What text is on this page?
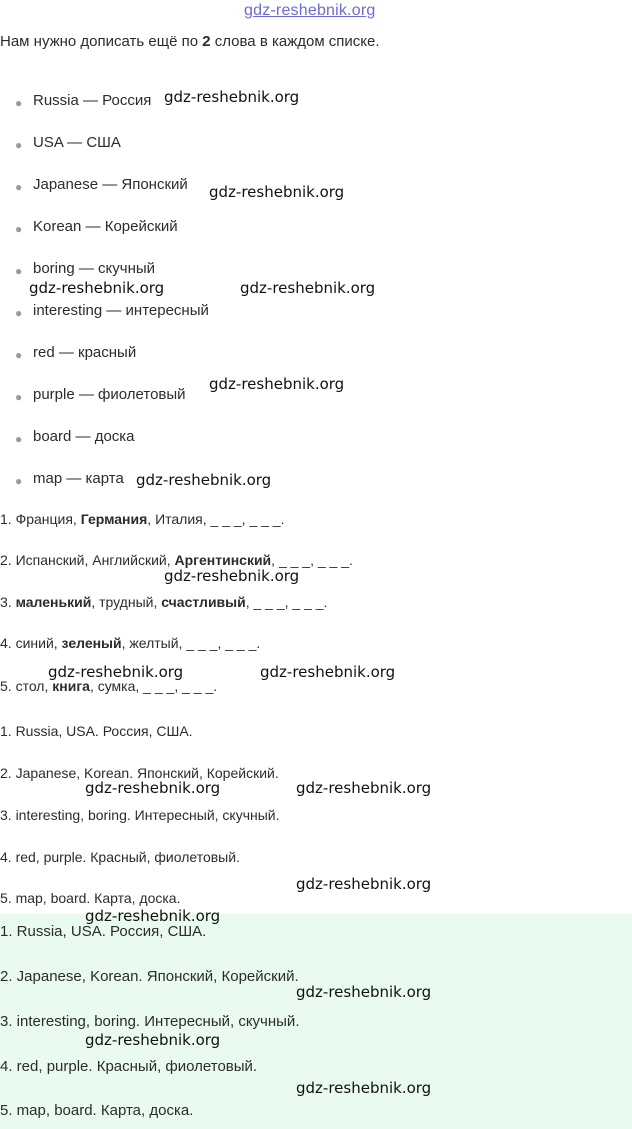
gdz-reshebnik.org
Нам нужно дописать ещё по 2 слова в каждом списке.
● Russia — Россия
● USA — США
● Japanese — Японский
● Korean — Корейский
● boring — скучный
● interesting — интересный
● red — красный
● purple — фиолетовый
● board — доска
● map — карта
1. Франция, Германия, Италия, _ _ _, _ _ _.
2. Испанский, Английский, Аргентинский, _ _ _, _ _ _.
3. маленький, трудный, счастливый, _ _ _, _ _ _.
4. синий, зеленый, желтый, _ _ _, _ _ _.
5. стол, книга, сумка, _ _ _, _ _ _.
1. Russia, USA. Россия, США.
2. Japanese, Korean. Японский, Корейский.
3. interesting, boring. Интересный, скучный.
4. red, purple. Красный, фиолетовый.
5. map, board. Карта, доска.
1. Russia, USA. Россия, США.
2. Japanese, Korean. Японский, Корейский.
3. interesting, boring. Интересный, скучный.
4. red, purple. Красный, фиолетовый.
5. map, board. Карта, доска.
gdz-reshebnik.org
gdz-reshebnik.org
gdz-reshebnik.org	gdz-reshebnik.org
gdz-reshebnik.org
gdz-reshebnik.org
gdz-reshebnik.org
gdz-reshebnik.org	gdz-reshebnik.org
gdz-reshebnik.org	gdz-reshebnik.org
gdz-reshebnik.org
gdz-reshebnik.org
gdz-reshebnik.org
gdz-reshebnik.org
gdz-reshebnik.org
